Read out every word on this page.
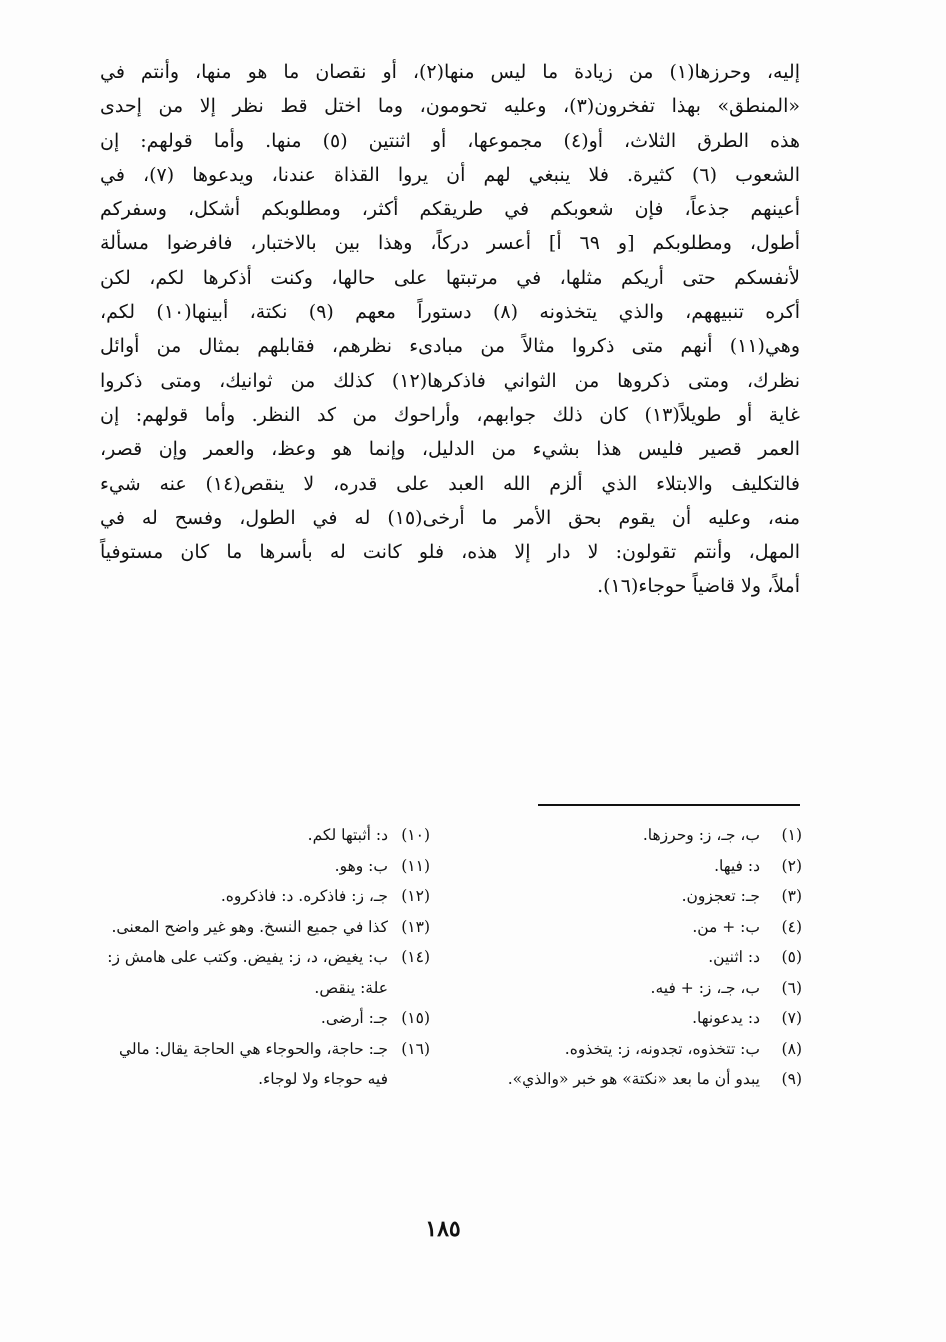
إليه، وحرزها(١) من زيادة ما ليس منها(٢)، أو نقصان ما هو منها، وأنتم في
«المنطق» بهذا تفخرون(٣)، وعليه تحومون، وما اختل قط نظر إلا من إحدى
هذه الطرق الثلاث، أو(٤) مجموعها، أو اثنتين (٥) منها. وأما قولهم: إن
الشعوب (٦) كثيرة. فلا ينبغي لهم أن يروا القذاة عندنا، ويدعوها (٧)، في
أعينهم جذعاً، فإن شعوبكم في طريقكم أكثر، ومطلوبكم أشكل، وسفركم
أطول، ومطلوبكم [و ٦٩ أ] أعسر دركاً، وهذا بين بالاختبار، فافرضوا مسألة
لأنفسكم حتى أريكم مثلها، في مرتبتها على حالها، وكنت أذكرها لكم، لكن
أكره تنبيههم، والذي يتخذونه (٨) دستوراً معهم (٩) نكتة، أبينها(١٠) لكم،
وهي(١١) أنهم متى ذكروا مثالاً من مبادىء نظرهم، فقابلهم بمثال من أوائل
نظرك، ومتى ذكروها من الثواني فاذكرها(١٢) كذلك من ثوانيك، ومتى ذكروا
غاية أو طويلاً(١٣) كان ذلك جوابهم، وأراحوك من كد النظر. وأما قولهم: إن
العمر قصير فليس هذا بشيء من الدليل، وإنما هو وعظ، والعمر وإن قصر،
فالتكليف والابتلاء الذي ألزم الله العبد على قدره، لا ينقص(١٤) عنه شيء
منه، وعليه أن يقوم بحق الأمر ما أرخى(١٥) له في الطول، وفسح له في
المهل، وأنتم تقولون: لا دار إلا هذه، فلو كانت له بأسرها ما كان مستوفياً
أملاً، ولا قاضياً حوجاء(١٦).
(١)
ب، جـ، ز: وحرزها.
(٢)
د: فيها.
(٣)
جـ: تعجزون.
(٤)
ب: + من.
(٥)
د: اثنين.
(٦)
ب، جـ، ز: + فيه.
(٧)
د: يدعونها.
(٨)
ب: تتخذوه، تجدونه، ز: يتخذوه.
(٩)
يبدو أن ما بعد «نكتة» هو خبر «والذي».
(١٠)
د: أثبتها لكم.
(١١)
ب: وهو.
(١٢)
جـ، ز: فاذكره. د: فاذكروه.
(١٣)
كذا في جميع النسخ. وهو غير واضح المعنى.
(١٤)
ب: يغيض، د، ز: يفيض. وكتب على هامش ز: علة: ينقص.
(١٥)
جـ: أرضى.
(١٦)
جـ: حاجة، والحوجاء هي الحاجة يقال: مالي فيه حوجاء ولا لوجاء.
١٨٥
